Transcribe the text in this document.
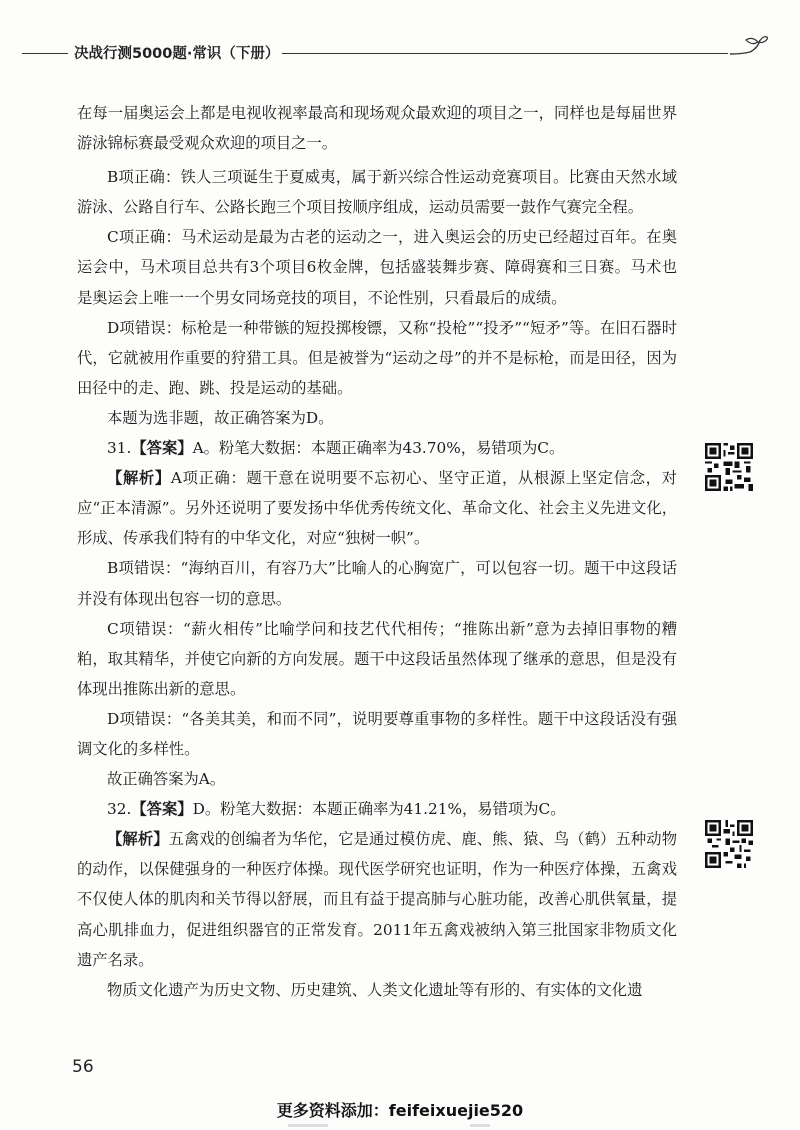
决战行测5000题·常识（下册）

在每一届奥运会上都是电视收视率最高和现场观众最欢迎的项目之一，同样也是每届世界游泳锦标赛最受观众欢迎的项目之一。

B项正确：铁人三项诞生于夏威夷，属于新兴综合性运动竞赛项目。比赛由天然水域游泳、公路自行车、公路长跑三个项目按顺序组成，运动员需要一鼓作气赛完全程。

C项正确：马术运动是最为古老的运动之一，进入奥运会的历史已经超过百年。在奥运会中，马术项目总共有3个项目6枚金牌，包括盛装舞步赛、障碍赛和三日赛。马术也是奥运会上唯一一个男女同场竞技的项目，不论性别，只看最后的成绩。

D项错误：标枪是一种带镞的短投掷梭镖，又称“投枪”“投矛”“短矛”等。在旧石器时代，它就被用作重要的狩猎工具。但是被誉为“运动之母”的并不是标枪，而是田径，因为田径中的走、跑、跳、投是运动的基础。

本题为选非题，故正确答案为D。

31.【答案】A。粉笔大数据：本题正确率为43.70%，易错项为C。

【解析】A项正确：题干意在说明要不忘初心、坚守正道，从根源上坚定信念，对应“正本清源”。另外还说明了要发扬中华优秀传统文化、革命文化、社会主义先进文化，形成、传承我们特有的中华文化，对应“独树一帜”。

B项错误：“海纳百川，有容乃大”比喻人的心胸宽广，可以包容一切。题干中这段话并没有体现出包容一切的意思。

C项错误：“薪火相传”比喻学问和技艺代代相传；“推陈出新”意为去掉旧事物的糟粕，取其精华，并使它向新的方向发展。题干中这段话虽然体现了继承的意思，但是没有体现出推陈出新的意思。

D项错误：“各美其美，和而不同”，说明要尊重事物的多样性。题干中这段话没有强调文化的多样性。

故正确答案为A。

32.【答案】D。粉笔大数据：本题正确率为41.21%，易错项为C。

【解析】五禽戏的创编者为华佗，它是通过模仿虎、鹿、熊、猿、鸟（鹤）五种动物的动作，以保健强身的一种医疗体操。现代医学研究也证明，作为一种医疗体操，五禽戏不仅使人体的肌肉和关节得以舒展，而且有益于提高肺与心脏功能，改善心肌供氧量，提高心肌排血力，促进组织器官的正常发育。2011年五禽戏被纳入第三批国家非物质文化遗产名录。

物质文化遗产为历史文物、历史建筑、人类文化遗址等有形的、有实体的文化遗

56
更多资料添加：feifeixuejie520
